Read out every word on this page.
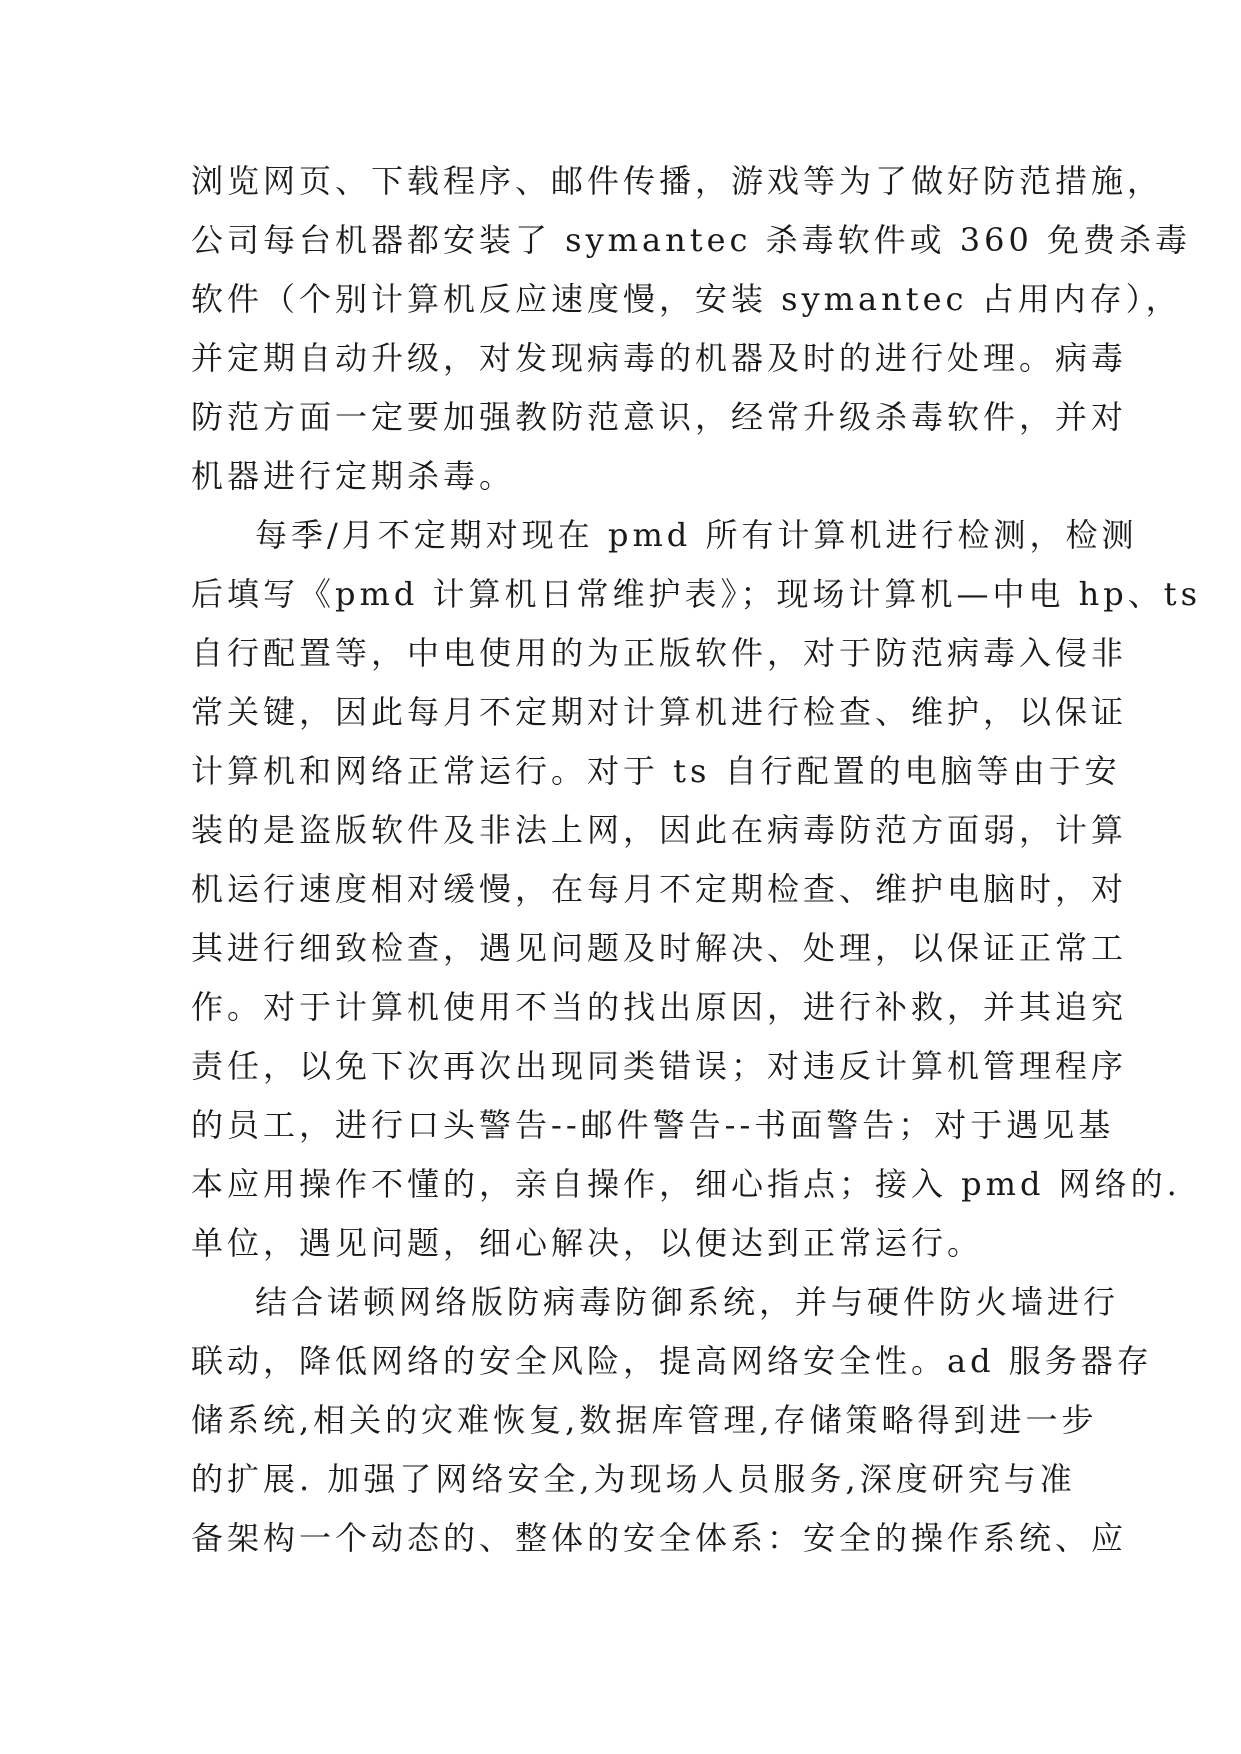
浏览网页、下载程序、邮件传播，游戏等为了做好防范措施，
公司每台机器都安装了 symantec 杀毒软件或 360 免费杀毒
软件（个别计算机反应速度慢，安装 symantec 占用内存），
并定期自动升级，对发现病毒的机器及时的进行处理。病毒
防范方面一定要加强教防范意识，经常升级杀毒软件，并对
机器进行定期杀毒。
每季/月不定期对现在 pmd 所有计算机进行检测，检测
后填写《pmd 计算机日常维护表》；现场计算机—中电 hp、ts
自行配置等，中电使用的为正版软件，对于防范病毒入侵非
常关键，因此每月不定期对计算机进行检查、维护，以保证
计算机和网络正常运行。对于 ts 自行配置的电脑等由于安
装的是盗版软件及非法上网，因此在病毒防范方面弱，计算
机运行速度相对缓慢，在每月不定期检查、维护电脑时，对
其进行细致检查，遇见问题及时解决、处理，以保证正常工
作。对于计算机使用不当的找出原因，进行补救，并其追究
责任，以免下次再次出现同类错误；对违反计算机管理程序
的员工，进行口头警告--邮件警告--书面警告；对于遇见基
本应用操作不懂的，亲自操作，细心指点；接入 pmd 网络的.
单位，遇见问题，细心解决，以便达到正常运行。
结合诺顿网络版防病毒防御系统，并与硬件防火墙进行
联动，降低网络的安全风险，提高网络安全性。ad 服务器存
储系统,相关的灾难恢复,数据库管理,存储策略得到进一步
的扩展. 加强了网络安全,为现场人员服务,深度研究与准
备架构一个动态的、整体的安全体系：安全的操作系统、应
